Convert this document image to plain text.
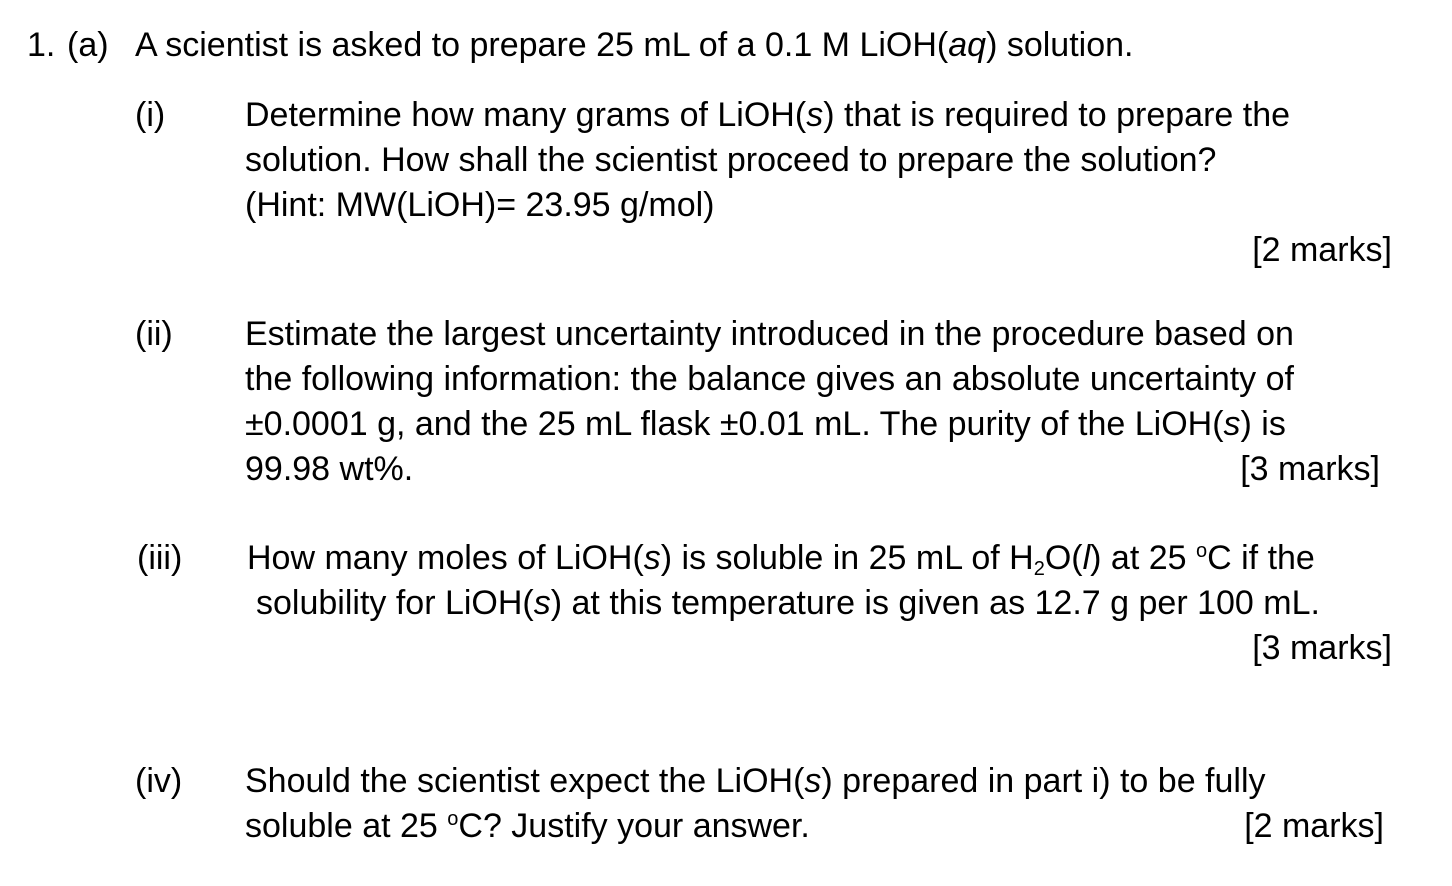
1. (a) A scientist is asked to prepare 25 mL of a 0.1 M LiOH(aq) solution.
(i) Determine how many grams of LiOH(s) that is required to prepare the
solution. How shall the scientist proceed to prepare the solution?
(Hint: MW(LiOH)= 23.95 g/mol)
[2 marks]
(ii) Estimate the largest uncertainty introduced in the procedure based on
the following information: the balance gives an absolute uncertainty of
±0.0001 g, and the 25 mL flask ±0.01 mL. The purity of the LiOH(s) is
99.98 wt%.	[3 marks]
(iii) How many moles of LiOH(s) is soluble in 25 mL of $H_2O(l)$ at 25 $^o$C if the
solubility for LiOH(s) at this temperature is given as 12.7 g per 100 mL.
[3 marks]
(iv) Should the scientist expect the LiOH(s) prepared in part i) to be fully
soluble at 25 $^o$C? Justify your answer.	[2 marks]
